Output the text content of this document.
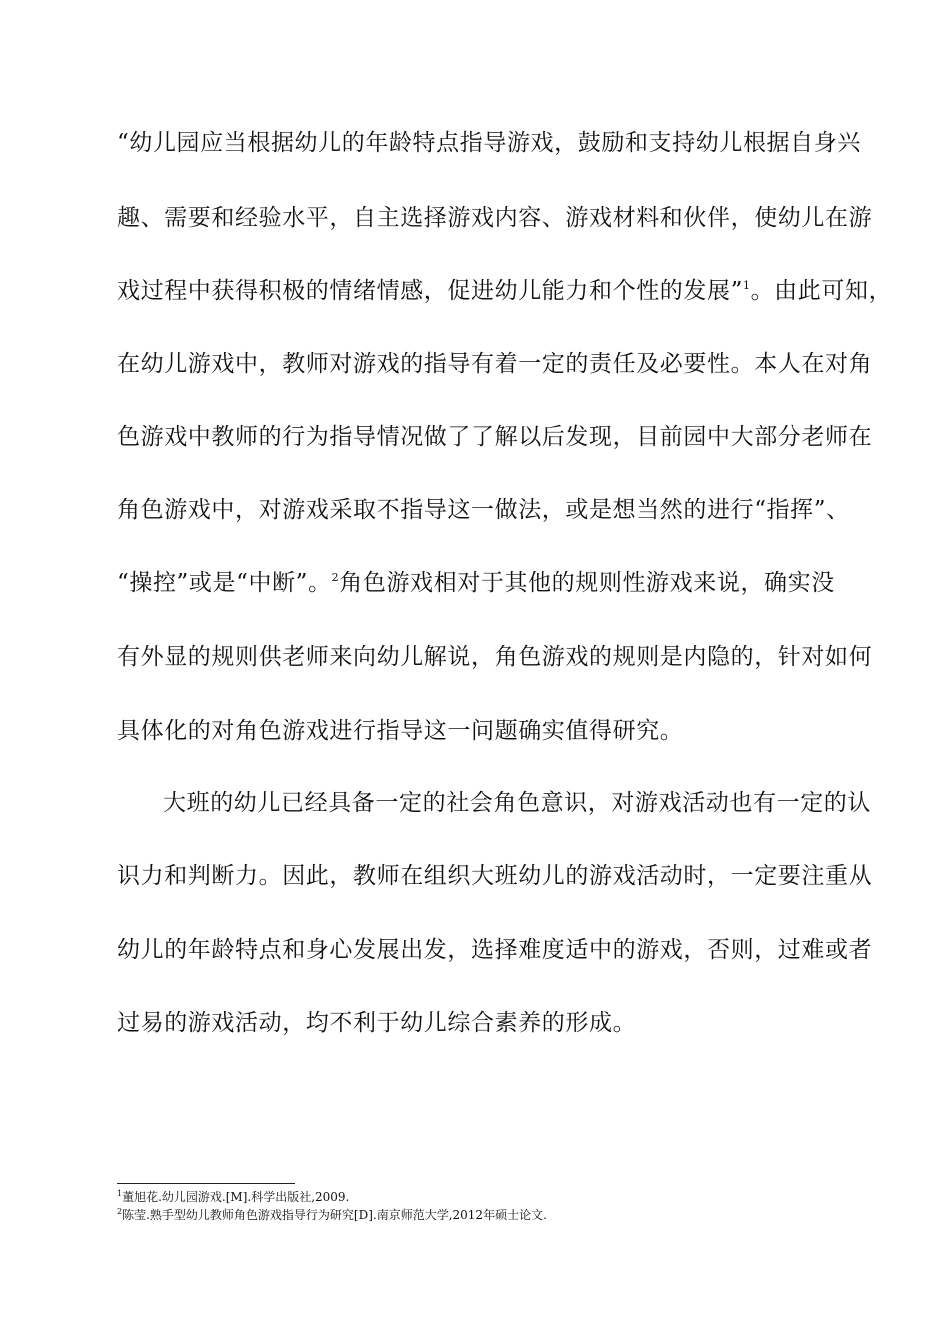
“幼儿园应当根据幼儿的年龄特点指导游戏，鼓励和支持幼儿根据自身兴
趣、需要和经验水平，自主选择游戏内容、游戏材料和伙伴，使幼儿在游
戏过程中获得积极的情绪情感，促进幼儿能力和个性的发展”$^1$。由此可知，
在幼儿游戏中，教师对游戏的指导有着一定的责任及必要性。本人在对角
色游戏中教师的行为指导情况做了了解以后发现，目前园中大部分老师在
角色游戏中，对游戏采取不指导这一做法，或是想当然的进行“指挥”、
“操控”或是“中断”。$^2$角色游戏相对于其他的规则性游戏来说，确实没
有外显的规则供老师来向幼儿解说，角色游戏的规则是内隐的，针对如何
具体化的对角色游戏进行指导这一问题确实值得研究。
大班的幼儿已经具备一定的社会角色意识，对游戏活动也有一定的认
识力和判断力。因此，教师在组织大班幼儿的游戏活动时，一定要注重从
幼儿的年龄特点和身心发展出发，选择难度适中的游戏，否则，过难或者
过易的游戏活动，均不利于幼儿综合素养的形成。
$^1$董旭花.幼儿园游戏.[M].科学出版社,2009.
$^2$陈莹.熟手型幼儿教师角色游戏指导行为研究[D].南京师范大学,2012年硕士论文.
